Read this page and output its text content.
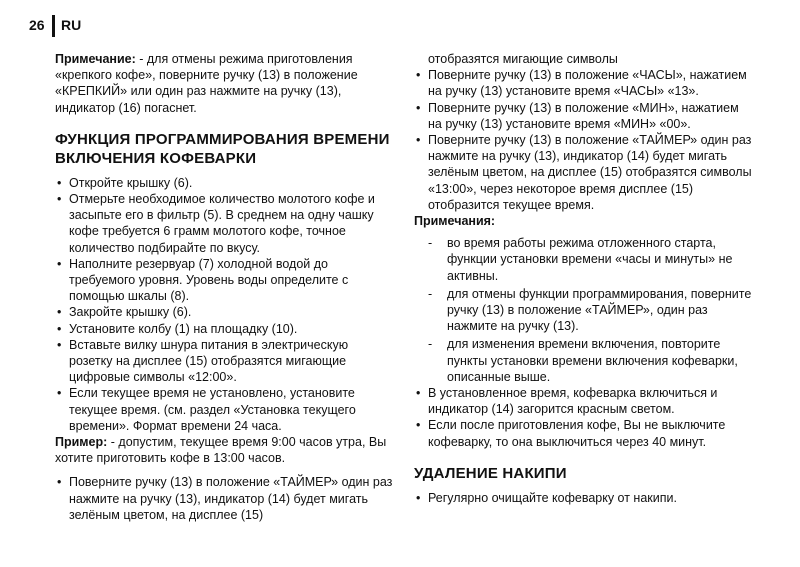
26 RU

Примечание: - для отмены режима приготовления «крепкого кофе», поверните ручку (13) в положение «КРЕПКИЙ» или один раз нажмите на ручку (13), индикатор (16) погаснет.

ФУНКЦИЯ ПРОГРАММИРОВАНИЯ ВРЕМЕНИ ВКЛЮЧЕНИЯ КОФЕВАРКИ
• Откройте крышку (6).
• Отмерьте необходимое количество молотого кофе и засыпьте его в фильтр (5). В среднем на одну чашку кофе требуется 6 грамм молотого кофе, точное количество подбирайте по вкусу.
• Наполните резервуар (7) холодной водой до требуемого уровня. Уровень воды определите с помощью шкалы (8).
• Закройте крышку (6).
• Установите колбу (1) на площадку (10).
• Вставьте вилку шнура питания в электрическую розетку на дисплее (15) отобразятся мигающие цифровые символы «12:00».
• Если текущее время не установлено, установите текущее время. (см. раздел «Установка текущего времени». Формат времени 24 часа.

Пример: - допустим, текущее время 9:00 часов утра, Вы хотите приготовить кофе в 13:00 часов.

• Поверните ручку (13) в положение «ТАЙМЕР» один раз нажмите на ручку (13), индикатор (14) будет мигать зелёным цветом, на дисплее (15)

отобразятся мигающие символы

• Поверните ручку (13) в положение «ЧАСЫ», нажатием на ручку (13) установите время «ЧАСЫ» «13».
• Поверните ручку (13) в положение «МИН», нажатием на ручку (13) установите время «МИН» «00».
• Поверните ручку (13) в положение «ТАЙМЕР» один раз нажмите на ручку (13), индикатор (14) будет мигать зелёным цветом, на дисплее (15) отобразятся символы «13:00», через некоторое время дисплее (15) отобразится текущее время.
Примечания:
- во время работы режима отложенного старта, функции установки времени «часы и минуты» не активны.
- для отмены функции программирования, поверните ручку (13) в положение «ТАЙМЕР», один раз нажмите на ручку (13).
- для изменения времени включения, повторите пункты установки времени включения кофеварки, описанные выше.
• В установленное время, кофеварка включиться и индикатор (14) загорится красным светом.
• Если после приготовления кофе, Вы не выключите кофеварку, то она выключиться через 40 минут.
УДАЛЕНИЕ НАКИПИ
• Регулярно очищайте кофеварку от накипи.
